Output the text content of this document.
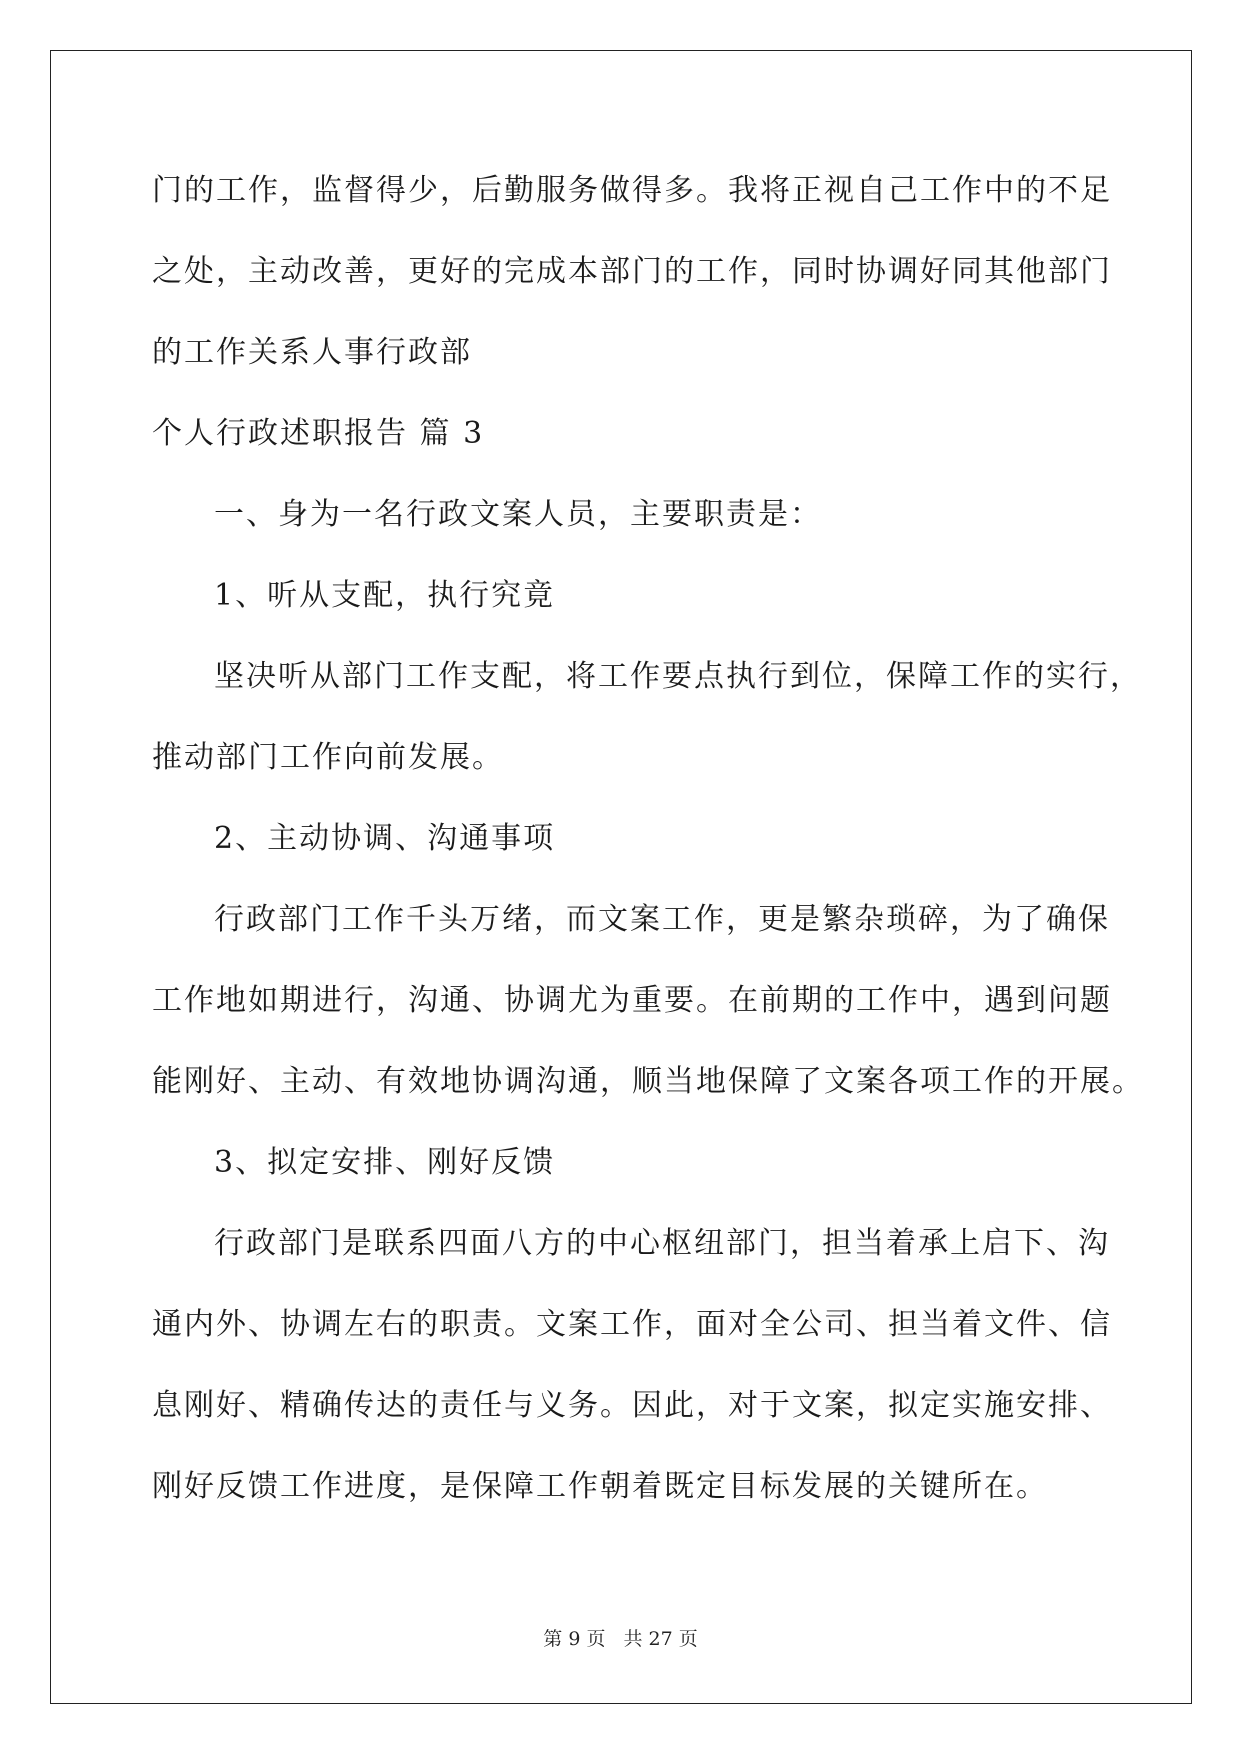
门的工作，监督得少，后勤服务做得多。我将正视自己工作中的不足
之处，主动改善，更好的完成本部门的工作，同时协调好同其他部门
的工作关系人事行政部
个人行政述职报告 篇 3
一、身为一名行政文案人员，主要职责是：
1、听从支配，执行究竟
坚决听从部门工作支配，将工作要点执行到位，保障工作的实行，
推动部门工作向前发展。
2、主动协调、沟通事项
行政部门工作千头万绪，而文案工作，更是繁杂琐碎，为了确保
工作地如期进行，沟通、协调尤为重要。在前期的工作中，遇到问题
能刚好、主动、有效地协调沟通，顺当地保障了文案各项工作的开展。
3、拟定安排、刚好反馈
行政部门是联系四面八方的中心枢纽部门，担当着承上启下、沟
通内外、协调左右的职责。文案工作，面对全公司、担当着文件、信
息刚好、精确传达的责任与义务。因此，对于文案，拟定实施安排、
刚好反馈工作进度，是保障工作朝着既定目标发展的关键所在。
第 9 页 共 27 页
